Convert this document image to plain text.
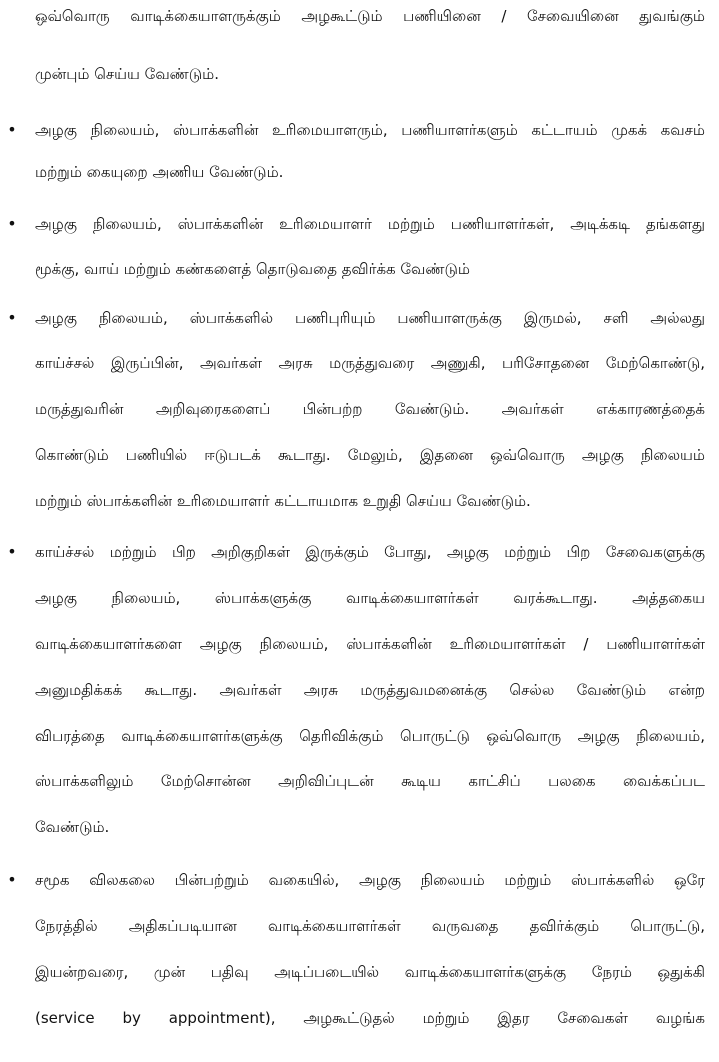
ஒவ்வொரு வாடிக்கையாளருக்கும் அழகூட்டும் பணியினை / சேவையினை துவங்கும்
முன்பும் செய்ய வேண்டும்.
• அழகு நிலையம், ஸ்பாக்களின் உரிமையாளரும், பணியாளர்களும் கட்டாயம் முகக் கவசம்
மற்றும் கையுறை அணிய வேண்டும்.
• அழகு நிலையம், ஸ்பாக்களின் உரிமையாளர் மற்றும் பணியாளர்கள், அடிக்கடி தங்களது
மூக்கு, வாய் மற்றும் கண்களைத் தொடுவதை தவிர்க்க வேண்டும்
• அழகு நிலையம், ஸ்பாக்களில் பணிபுரியும் பணியாளருக்கு இருமல், சளி அல்லது
காய்ச்சல் இருப்பின், அவர்கள் அரசு மருத்துவரை அணுகி, பரிசோதனை மேற்கொண்டு,
மருத்துவரின் அறிவுரைகளைப் பின்பற்ற வேண்டும். அவர்கள் எக்காரணத்தைக்
கொண்டும் பணியில் ஈடுபடக் கூடாது. மேலும், இதனை ஒவ்வொரு அழகு நிலையம்
மற்றும் ஸ்பாக்களின் உரிமையாளர் கட்டாயமாக உறுதி செய்ய வேண்டும்.
• காய்ச்சல் மற்றும் பிற அறிகுறிகள் இருக்கும் போது, அழகு மற்றும் பிற சேவைகளுக்கு
அழகு நிலையம், ஸ்பாக்களுக்கு வாடிக்கையாளர்கள் வரக்கூடாது. அத்தகைய
வாடிக்கையாளர்களை அழகு நிலையம், ஸ்பாக்களின் உரிமையாளர்கள் / பணியாளர்கள்
அனுமதிக்கக் கூடாது. அவர்கள் அரசு மருத்துவமனைக்கு செல்ல வேண்டும் என்ற
விபரத்தை வாடிக்கையாளர்களுக்கு தெரிவிக்கும் பொருட்டு ஒவ்வொரு அழகு நிலையம்,
ஸ்பாக்களிலும் மேற்சொன்ன அறிவிப்புடன் கூடிய காட்சிப் பலகை வைக்கப்பட
வேண்டும்.
• சமூக விலகலை பின்பற்றும் வகையில், அழகு நிலையம் மற்றும் ஸ்பாக்களில் ஒரே
நேரத்தில் அதிகப்படியான வாடிக்கையாளர்கள் வருவதை தவிர்க்கும் பொருட்டு,
இயன்றவரை, முன் பதிவு அடிப்படையில் வாடிக்கையாளர்களுக்கு நேரம் ஒதுக்கி
(service by appointment), அழகூட்டுதல் மற்றும் இதர சேவைகள் வழங்க
